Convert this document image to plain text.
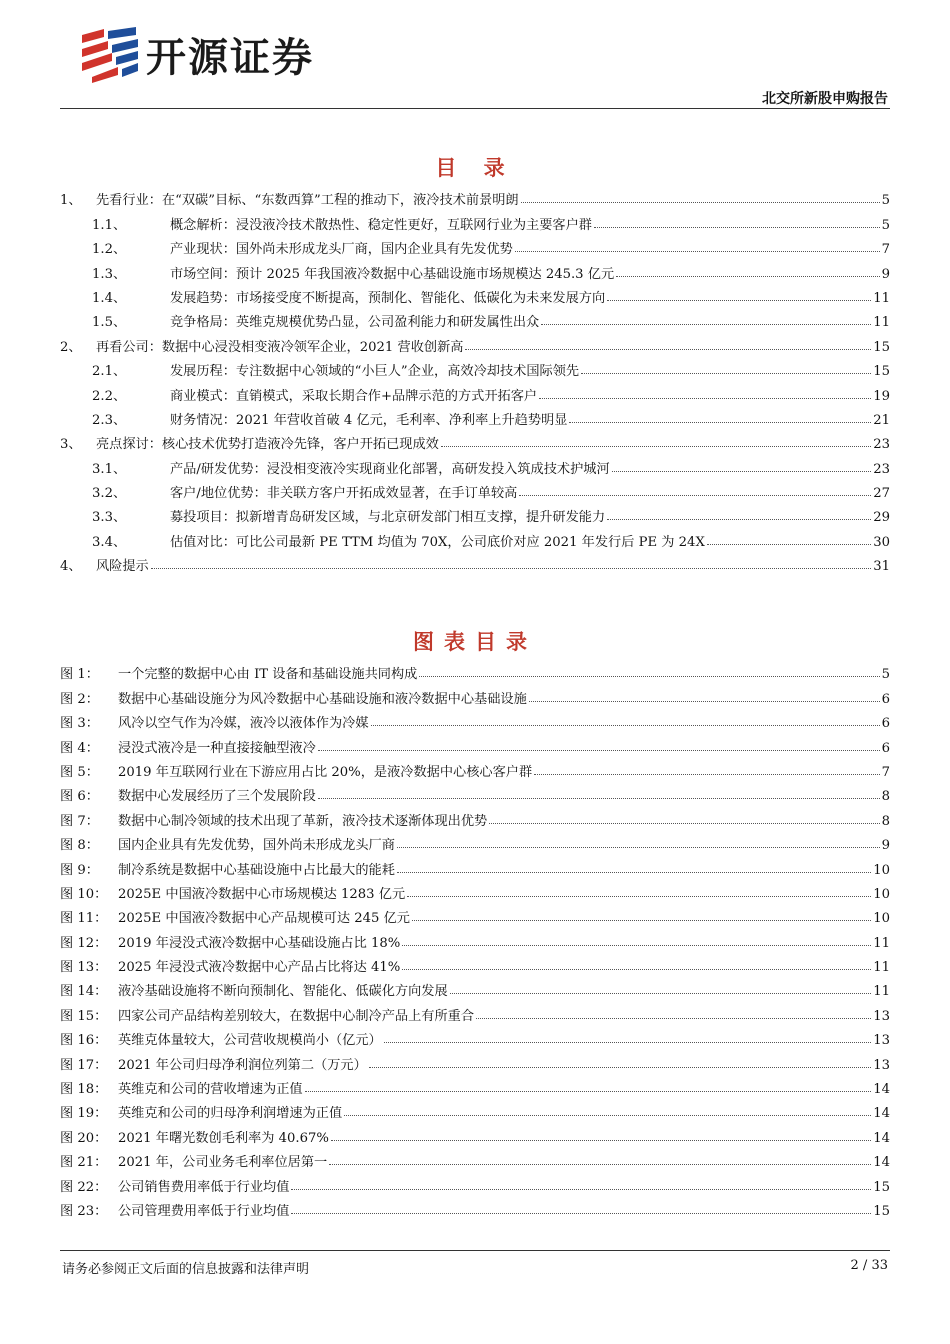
开源证券
北交所新股申购报告
目 录
1、	先看行业：在“双碳”目标、“东数西算”工程的推动下，液冷技术前景明朗	5
1.1、	概念解析：浸没液冷技术散热性、稳定性更好，互联网行业为主要客户群	5
1.2、	产业现状：国外尚未形成龙头厂商，国内企业具有先发优势	7
1.3、	市场空间：预计 2025 年我国液冷数据中心基础设施市场规模达 245.3 亿元	9
1.4、	发展趋势：市场接受度不断提高，预制化、智能化、低碳化为未来发展方向	11
1.5、	竞争格局：英维克规模优势凸显，公司盈利能力和研发属性出众	11
2、	再看公司：数据中心浸没相变液冷领军企业，2021 营收创新高	15
2.1、	发展历程：专注数据中心领域的“小巨人”企业，高效冷却技术国际领先	15
2.2、	商业模式：直销模式，采取长期合作+品牌示范的方式开拓客户	19
2.3、	财务情况：2021 年营收首破 4 亿元，毛利率、净利率上升趋势明显	21
3、	亮点探讨：核心技术优势打造液冷先锋，客户开拓已现成效	23
3.1、	产品/研发优势：浸没相变液冷实现商业化部署，高研发投入筑成技术护城河	23
3.2、	客户/地位优势：非关联方客户开拓成效显著，在手订单较高	27
3.3、	募投项目：拟新增青岛研发区域，与北京研发部门相互支撑，提升研发能力	29
3.4、	估值对比：可比公司最新 PE TTM 均值为 70X，公司底价对应 2021 年发行后 PE 为 24X	30
4、	风险提示	31
图表目录
图 1：	一个完整的数据中心由 IT 设备和基础设施共同构成	5
图 2：	数据中心基础设施分为风冷数据中心基础设施和液冷数据中心基础设施	6
图 3：	风冷以空气作为冷媒，液冷以液体作为冷媒	6
图 4：	浸没式液冷是一种直接接触型液冷	6
图 5：	2019 年互联网行业在下游应用占比 20%，是液冷数据中心核心客户群	7
图 6：	数据中心发展经历了三个发展阶段	8
图 7：	数据中心制冷领域的技术出现了革新，液冷技术逐渐体现出优势	8
图 8：	国内企业具有先发优势，国外尚未形成龙头厂商	9
图 9：	制冷系统是数据中心基础设施中占比最大的能耗	10
图 10： 2025E 中国液冷数据中心市场规模达 1283 亿元	10
图 11： 2025E 中国液冷数据中心产品规模可达 245 亿元	10
图 12： 2019 年浸没式液冷数据中心基础设施占比 18%	11
图 13： 2025 年浸没式液冷数据中心产品占比将达 41%	11
图 14： 液冷基础设施将不断向预制化、智能化、低碳化方向发展	11
图 15： 四家公司产品结构差别较大，在数据中心制冷产品上有所重合	13
图 16： 英维克体量较大，公司营收规模尚小（亿元）	13
图 17： 2021 年公司归母净利润位列第二（万元）	13
图 18： 英维克和公司的营收增速为正值	14
图 19： 英维克和公司的归母净利润增速为正值	14
图 20： 2021 年曙光数创毛利率为 40.67%	14
图 21： 2021 年，公司业务毛利率位居第一	14
图 22： 公司销售费用率低于行业均值	15
图 23： 公司管理费用率低于行业均值	15
请务必参阅正文后面的信息披露和法律声明	2 / 33
